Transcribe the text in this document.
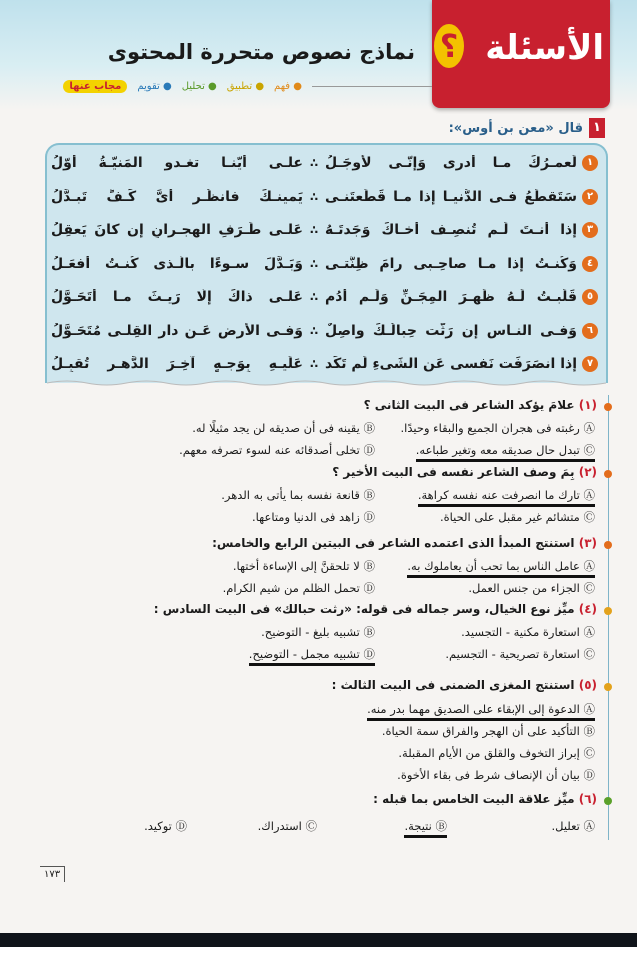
؟ الأسئلة
نماذج نصوص متحررة المحتوى
● فهم
● تطبيق
● تحليل
● تقويم
مجاب عنها
١
قال «معن بن أوس»:
١
لَعمـرُكَ مـا أدرى وَإنّـى لأوجَـلُ
∴
علـى أيّنـا تغـدو المَنيّـةُ أوّلُ
٢
سَتَقطَعُ فـى الدُّنيـا إذا مـا قَطَعتَنـى
∴
يَمينـكَ فانظُـر أىَّ كَـفٍّ تَبـدَّلُ
٣
إذا أنـتَ لَـم تُنصِـف أخـاكَ وَجَدتَـهُ
∴
عَلـى طَـرَفِ الهِجـرانِ إن كانَ يَعقِلُ
٤
وَكُنـتُ إذا مـا صاحِـبى رامَ ظِنَّتـى
∴
وَبَـدَّلَ سـوءًا بالَّـذى كُنـتُ أفعَـلُ
٥
قَلَبـتُ لَـهُ ظَهـرَ المِجَـنِّ وَلَـم أَدُم
∴
عَلـى ذاكَ إلّا رَيـثَ مـا أتَحَـوَّلُ
٦
وَفـى النـاسِ إن رَثَّت حِبالُـكَ واصِلٌ
∴
وَفـى الأرضِ عَـن دارِ القِلـى مُتَحَـوَّلُ
٧
إذا انصَرَفَت نَفسى عَنِ الشَىءِ لَم تَكَد
∴
عَلَيـهِ بِوَجـهٍ آخِـرَ الدَّهـرِ تُقبِـلُ
(١) علامَ يؤكد الشاعر فى البيت الثانى ؟
Ⓐ رغبته فى هجران الجميع والبقاء وحيدًا.
Ⓑ يقينه فى أن صديقه لن يجد مثيلًا له.
Ⓒ تبدل حال صديقه معه وتغير طباعه.
Ⓓ تخلى أصدقائه عنه لسوء تصرفه معهم.
(٢) بِمَ وصف الشاعر نفسه فى البيت الأخير ؟
Ⓐ تارك ما انصرفت عنه نفسه كراهة.
Ⓑ قانعة نفسه بما يأتى به الدهر.
Ⓒ متشائم غير مقبل على الحياة.
Ⓓ زاهد فى الدنيا ومتاعها.
(٣) استنتج المبدأ الذى اعتمده الشاعر فى البيتين الرابع والخامس:
Ⓐ عامل الناس بما تحب أن يعاملوك به.
Ⓑ لا تلحقنَّ إلى الإساءة أختها.
Ⓒ الجزاء من جنس العمل.
Ⓓ تحمل الظلم من شيم الكرام.
(٤) ميِّز نوع الخيال، وسر جماله فى قوله: «رثت حبالك» فى البيت السادس :
Ⓐ استعارة مكنية - التجسيد.
Ⓑ تشبيه بليغ - التوضيح.
Ⓒ استعارة تصريحية - التجسيم.
Ⓓ تشبيه مجمل - التوضيح.
(٥) استنتج المغزى الضمنى فى البيت الثالث :
Ⓐ الدعوة إلى الإبقاء على الصديق مهما بدر منه.
Ⓑ التأكيد على أن الهجر والفراق سمة الحياة.
Ⓒ إبراز التخوف والقلق من الأيام المقبلة.
Ⓓ بيان أن الإنصاف شرط فى بقاء الأخوة.
(٦) ميِّز علاقة البيت الخامس بما قبله :
Ⓐ تعليل.
Ⓑ نتيجة.
Ⓒ استدراك.
Ⓓ توكيد.
١٧٣
